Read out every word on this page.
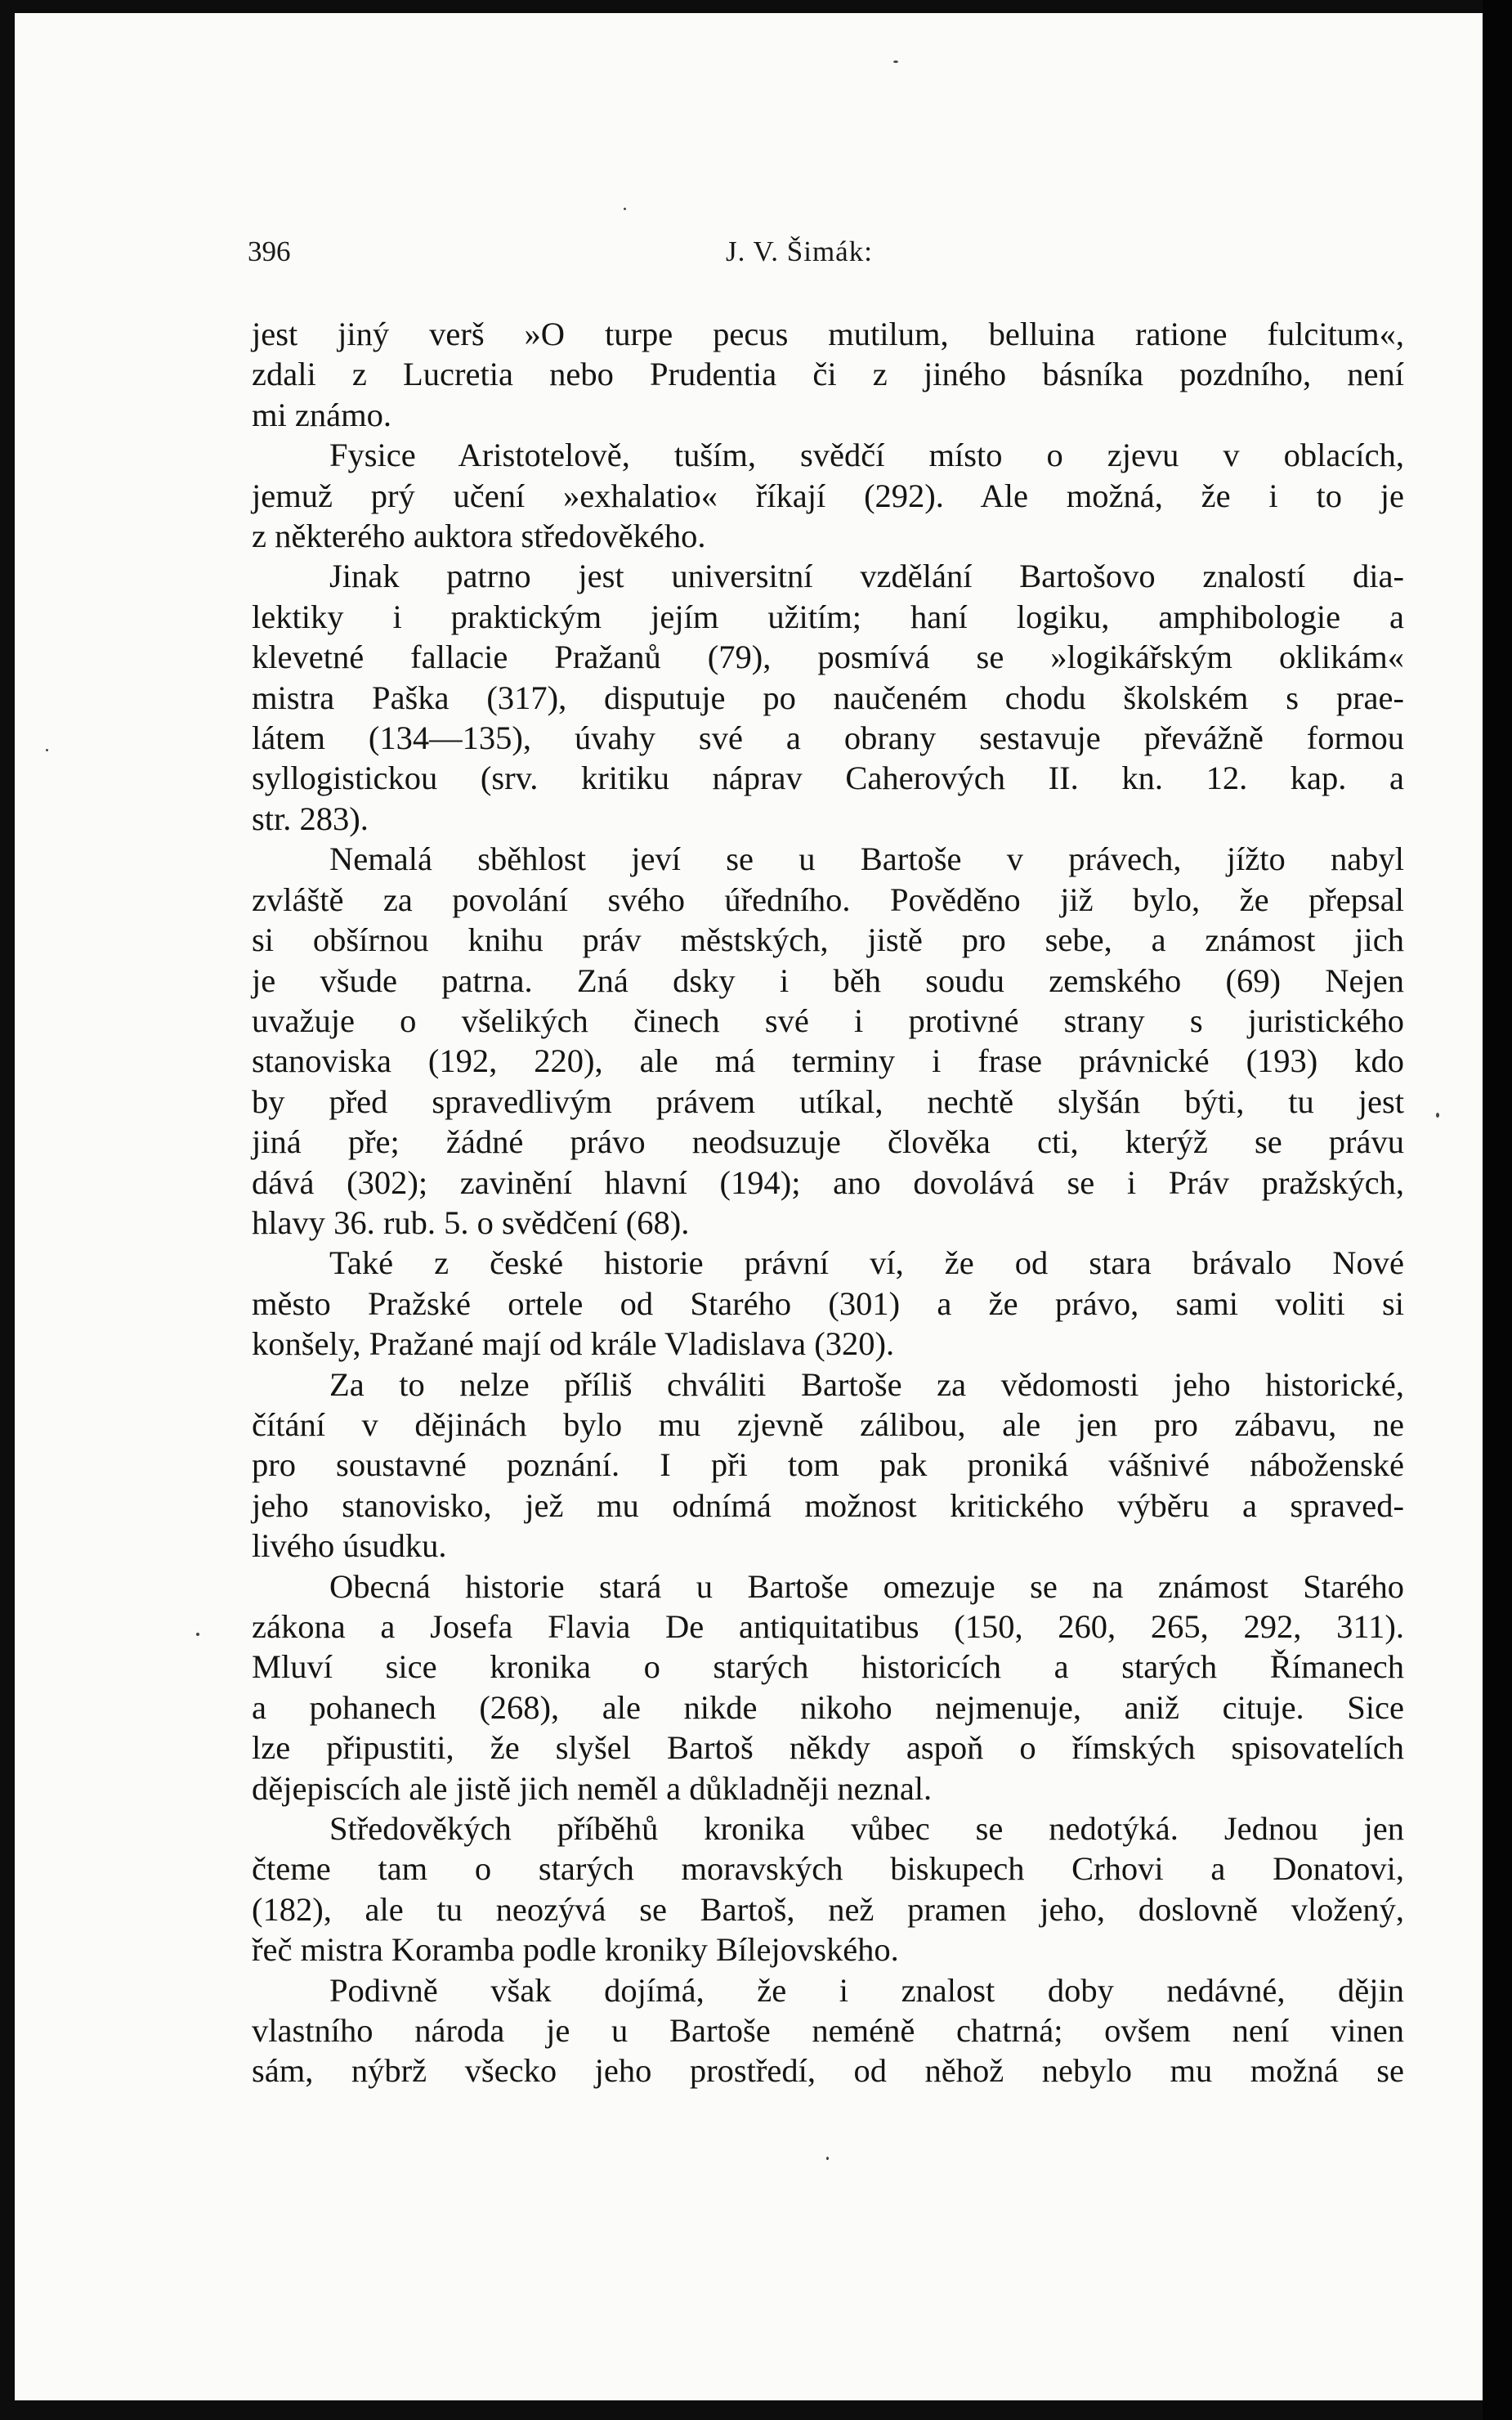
396	J. V. Šimák:

jest jiný verš »O turpe pecus mutilum, belluina ratione fulcitum«,
zdali z Lucretia nebo Prudentia či z jiného básníka pozdního, není
mi známo.

Fysice Aristotelově, tuším, svědčí místo o zjevu v oblacích,
jemuž prý učení »exhalatio« říkají (292). Ale možná, že i to je
z některého auktora středověkého.

Jinak patrno jest universitní vzdělání Bartošovo znalostí dia-
lektiky i praktickým jejím užitím; haní logiku, amphibologie a
klevetné fallacie Pražanů (79), posmívá se »logikářským oklikám«
mistra Paška (317), disputuje po naučeném chodu školském s prae-
látem (134—135), úvahy své a obrany sestavuje převážně formou
syllogistickou (srv. kritiku náprav Caherových II. kn. 12. kap. a
str. 283).

Nemalá sběhlost jeví se u Bartoše v právech, jížto nabyl
zvláště za povolání svého úředního. Pověděno již bylo, že přepsal
si obšírnou knihu práv městských, jistě pro sebe, a známost jich
je všude patrna. Zná dsky i běh soudu zemského (69) Nejen
uvažuje o všelikých činech své i protivné strany s juristického
stanoviska (192, 220), ale má terminy i frase právnické (193) kdo
by před spravedlivým právem utíkal, nechtě slyšán býti, tu jest
jiná pře; žádné právo neodsuzuje člověka cti, kterýž se právu
dává (302); zavinění hlavní (194); ano dovolává se i Práv pražských,
hlavy 36. rub. 5. o svědčení (68).

Také z české historie právní ví, že od stara brávalo Nové
město Pražské ortele od Starého (301) a že právo, sami voliti si
konšely, Pražané mají od krále Vladislava (320).

Za to nelze příliš chváliti Bartoše za vědomosti jeho historické,
čítání v dějinách bylo mu zjevně zálibou, ale jen pro zábavu, ne
pro soustavné poznání. I při tom pak proniká vášnivé náboženské
jeho stanovisko, jež mu odnímá možnost kritického výběru a spraved-
livého úsudku.

Obecná historie stará u Bartoše omezuje se na známost Starého
zákona a Josefa Flavia De antiquitatibus (150, 260, 265, 292, 311).
Mluví sice kronika o starých historicích a starých Římanech
a pohanech (268), ale nikde nikoho nejmenuje, aniž cituje. Sice
lze připustiti, že slyšel Bartoš někdy aspoň o římských spisovatelích
dějepiscích ale jistě jich neměl a důkladněji neznal.

Středověkých příběhů kronika vůbec se nedotýká. Jednou jen
čteme tam o starých moravských biskupech Crhovi a Donatovi,
(182), ale tu neozývá se Bartoš, než pramen jeho, doslovně vložený,
řeč mistra Koramba podle kroniky Bílejovského.

Podivně však dojímá, že i znalost doby nedávné, dějin
vlastního národa je u Bartoše neméně chatrná; ovšem není vinen
sám, nýbrž všecko jeho prostředí, od něhož nebylo mu možná se
